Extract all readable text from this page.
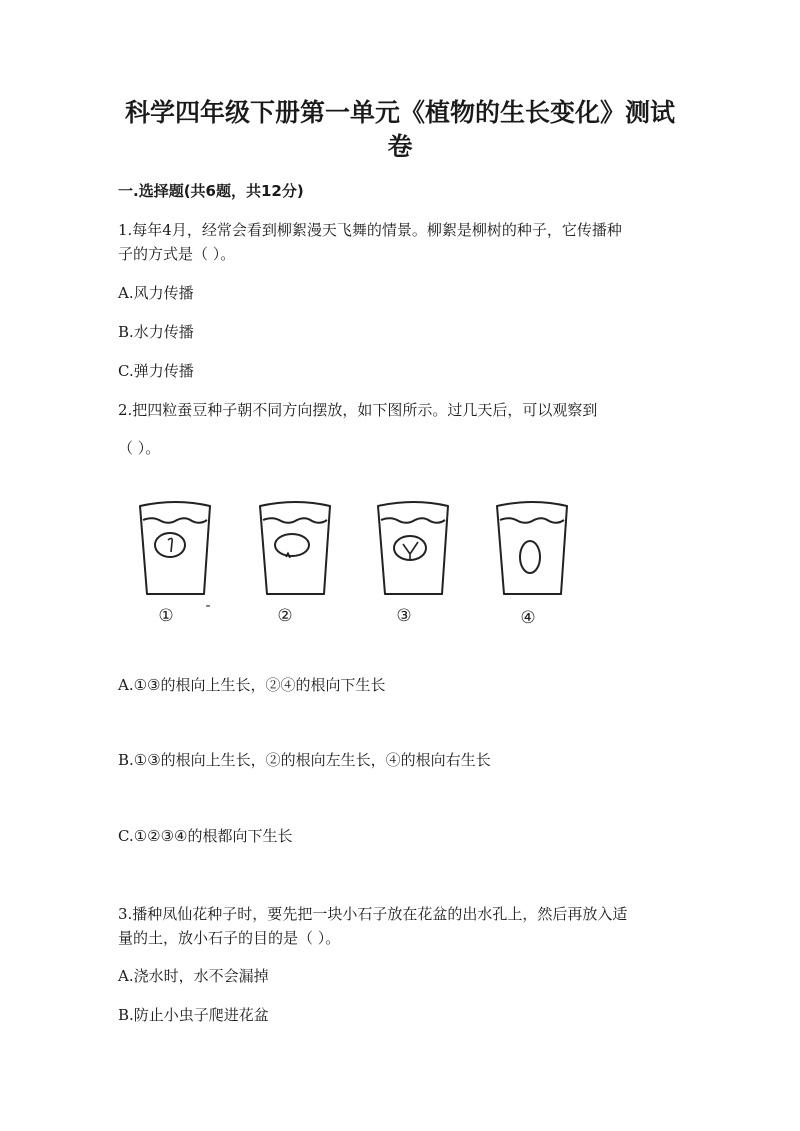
科学四年级下册第一单元《植物的生长变化》测试
卷
一.选择题(共6题，共12分)
1.每年4月，经常会看到柳絮漫天飞舞的情景。柳絮是柳树的种子，它传播种
子的方式是（ ）。
A.风力传播
B.水力传播
C.弹力传播
2.把四粒蚕豆种子朝不同方向摆放，如下图所示。过几天后，可以观察到
（ ）。
① -	②	③	④
A.①③的根向上生长，②④的根向下生长
B.①③的根向上生长，②的根向左生长，④的根向右生长
C.①②③④的根都向下生长
3.播种凤仙花种子时，要先把一块小石子放在花盆的出水孔上，然后再放入适
量的土，放小石子的目的是（ ）。
A.浇水时，水不会漏掉
B.防止小虫子爬进花盆
